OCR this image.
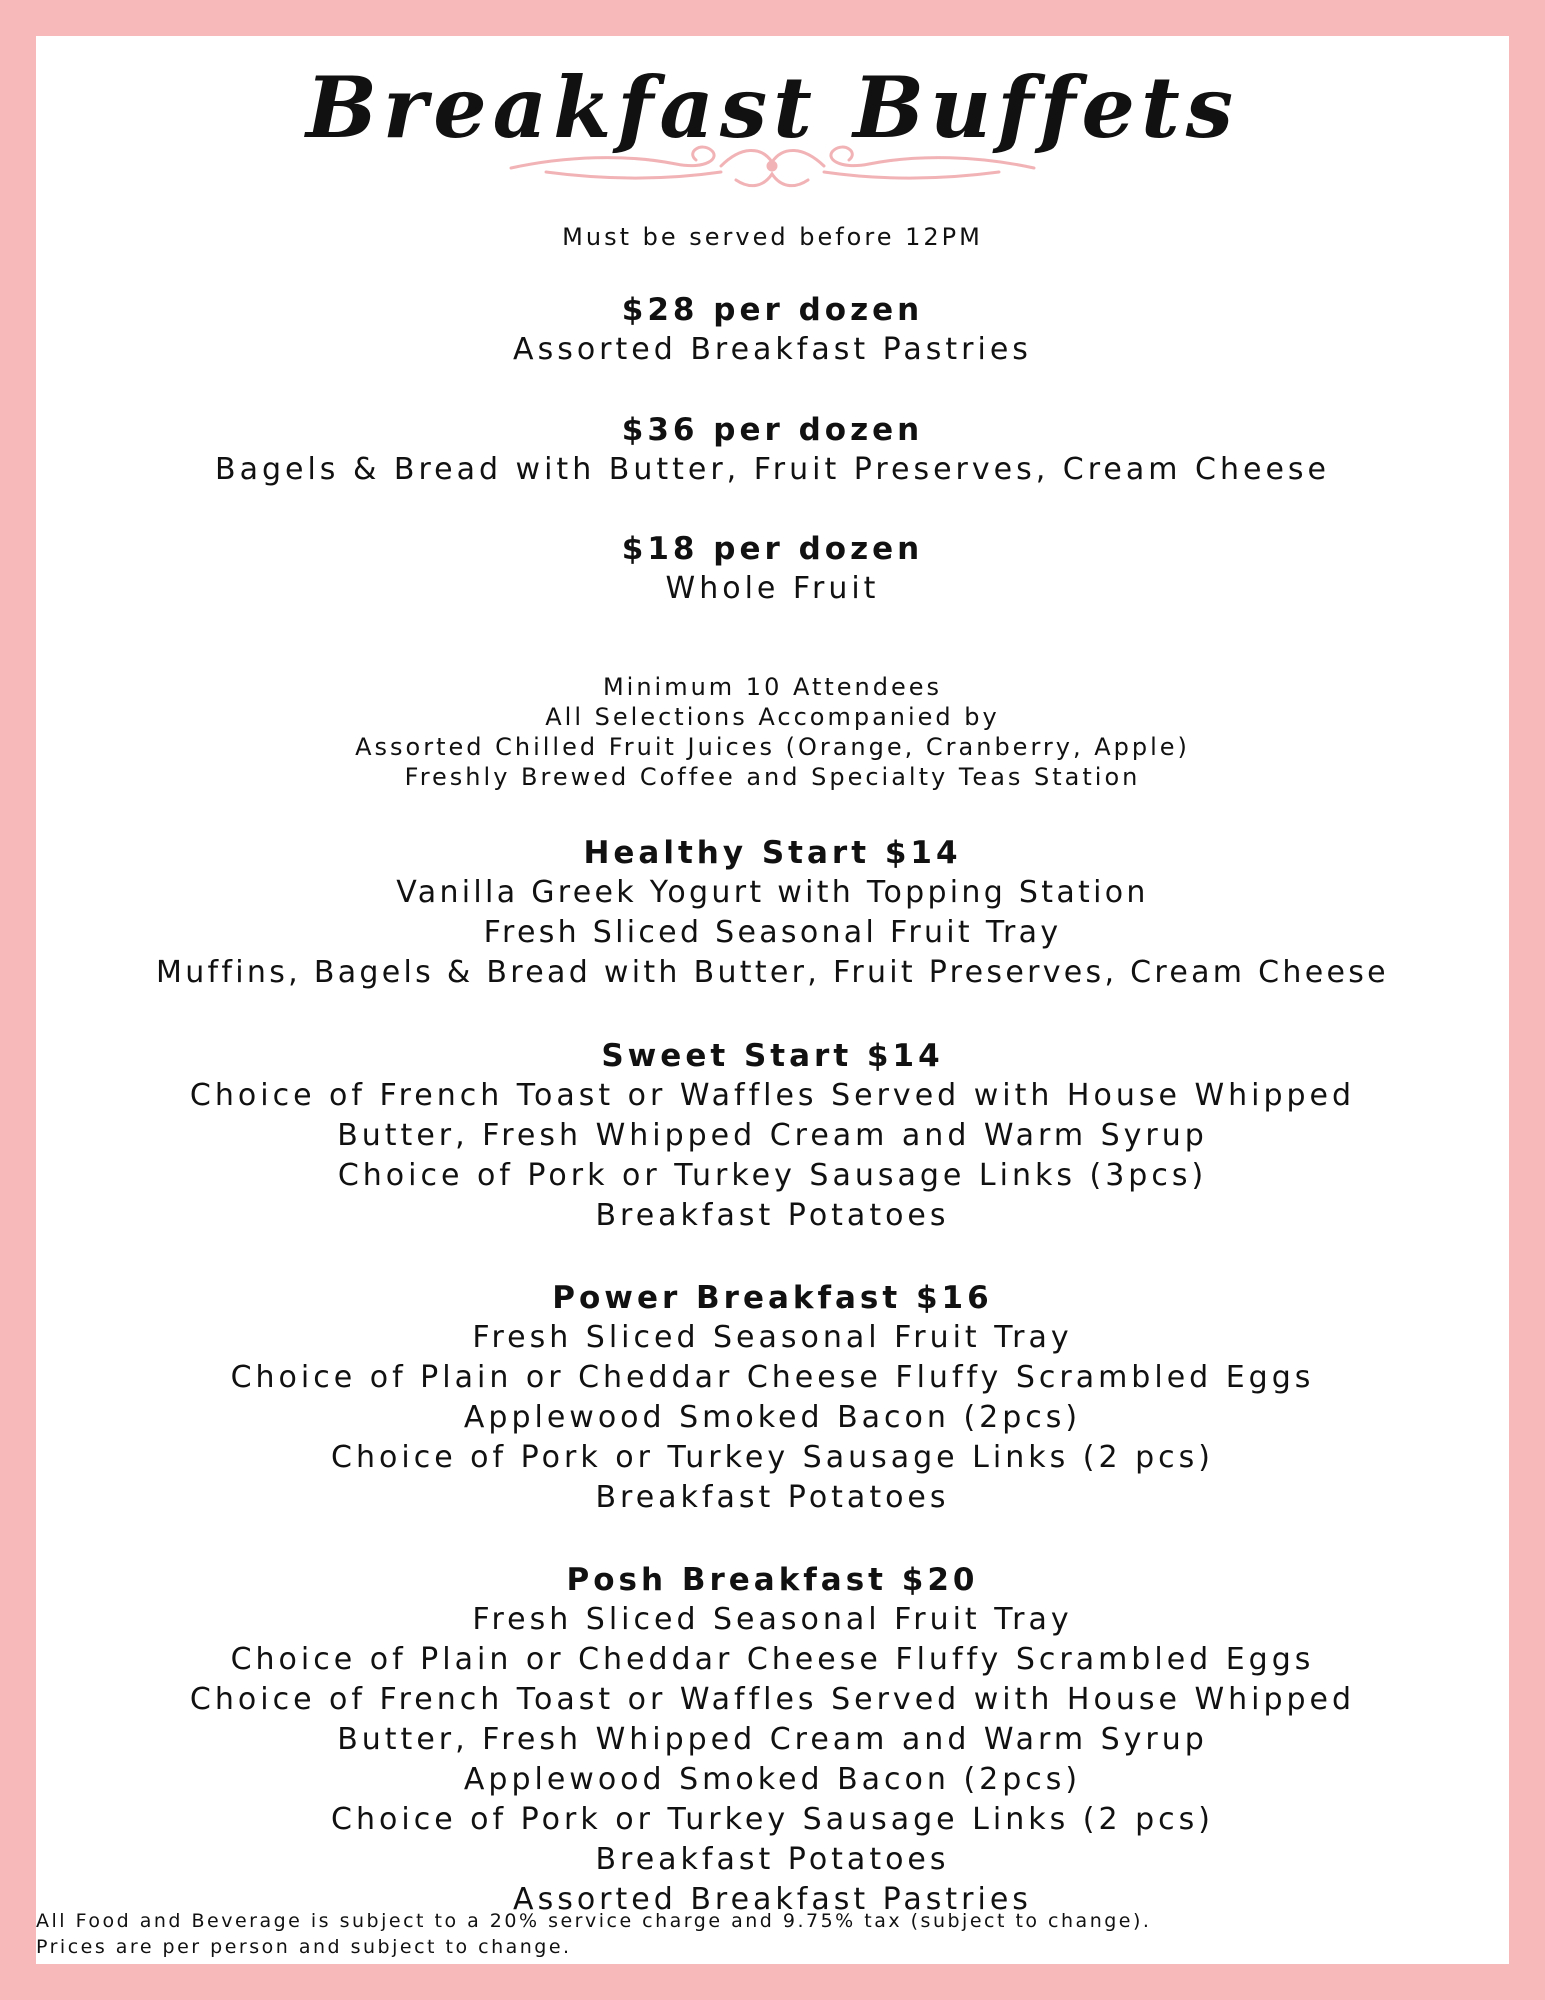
Breakfast Buffets
Must be served before 12PM
$28 per dozen
Assorted Breakfast Pastries
$36 per dozen
Bagels & Bread with Butter, Fruit Preserves, Cream Cheese
$18 per dozen
Whole Fruit
Minimum 10 Attendees
All Selections Accompanied by
Assorted Chilled Fruit Juices (Orange, Cranberry, Apple)
Freshly Brewed Coffee and Specialty Teas Station
Healthy Start $14
Vanilla Greek Yogurt with Topping Station
Fresh Sliced Seasonal Fruit Tray
Muffins, Bagels & Bread with Butter, Fruit Preserves, Cream Cheese
Sweet Start $14
Choice of French Toast or Waffles Served with House Whipped
Butter, Fresh Whipped Cream and Warm Syrup
Choice of Pork or Turkey Sausage Links (3pcs)
Breakfast Potatoes
Power Breakfast $16
Fresh Sliced Seasonal Fruit Tray
Choice of Plain or Cheddar Cheese Fluffy Scrambled Eggs
Applewood Smoked Bacon (2pcs)
Choice of Pork or Turkey Sausage Links (2 pcs)
Breakfast Potatoes
Posh Breakfast $20
Fresh Sliced Seasonal Fruit Tray
Choice of Plain or Cheddar Cheese Fluffy Scrambled Eggs
Choice of French Toast or Waffles Served with House Whipped
Butter, Fresh Whipped Cream and Warm Syrup
Applewood Smoked Bacon (2pcs)
Choice of Pork or Turkey Sausage Links (2 pcs)
Breakfast Potatoes
Assorted Breakfast Pastries
All Food and Beverage is subject to a 20% service charge and 9.75% tax (subject to change).
Prices are per person and subject to change.
